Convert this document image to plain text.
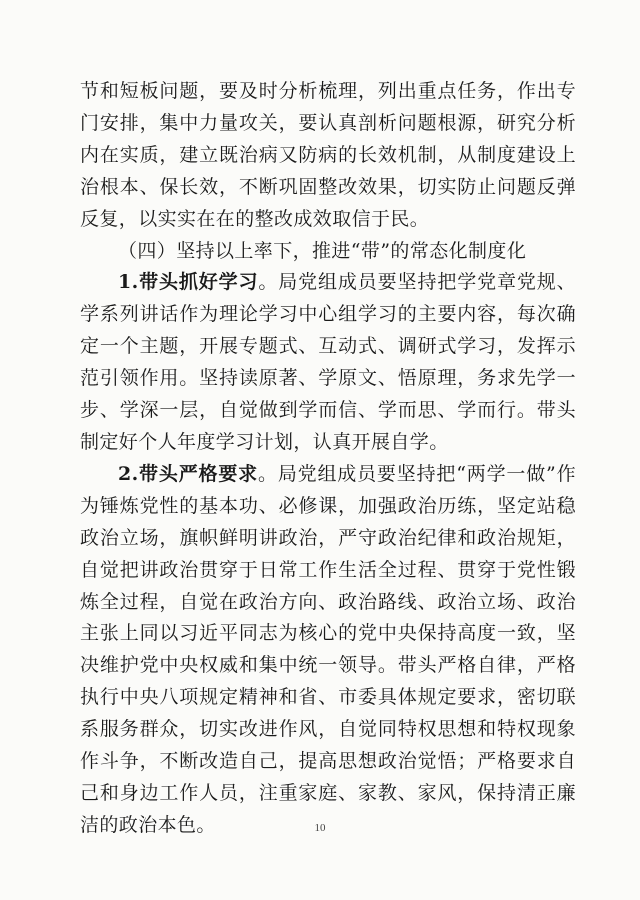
节和短板问题，要及时分析梳理，列出重点任务，作出专门安排，集中力量攻关，要认真剖析问题根源，研究分析内在实质，建立既治病又防病的长效机制，从制度建设上治根本、保长效，不断巩固整改效果，切实防止问题反弹反复，以实实在在的整改成效取信于民。

（四）坚持以上率下，推进“带”的常态化制度化

1.带头抓好学习。局党组成员要坚持把学党章党规、学系列讲话作为理论学习中心组学习的主要内容，每次确定一个主题，开展专题式、互动式、调研式学习，发挥示范引领作用。坚持读原著、学原文、悟原理，务求先学一步、学深一层，自觉做到学而信、学而思、学而行。带头制定好个人年度学习计划，认真开展自学。

2.带头严格要求。局党组成员要坚持把“两学一做”作为锤炼党性的基本功、必修课，加强政治历练，坚定站稳政治立场，旗帜鲜明讲政治，严守政治纪律和政治规矩，自觉把讲政治贯穿于日常工作生活全过程、贯穿于党性锻炼全过程，自觉在政治方向、政治路线、政治立场、政治主张上同以习近平同志为核心的党中央保持高度一致，坚决维护党中央权威和集中统一领导。带头严格自律，严格执行中央八项规定精神和省、市委具体规定要求，密切联系服务群众，切实改进作风，自觉同特权思想和特权现象作斗争，不断改造自己，提高思想政治觉悟；严格要求自己和身边工作人员，注重家庭、家教、家风，保持清正廉洁的政治本色。	10
